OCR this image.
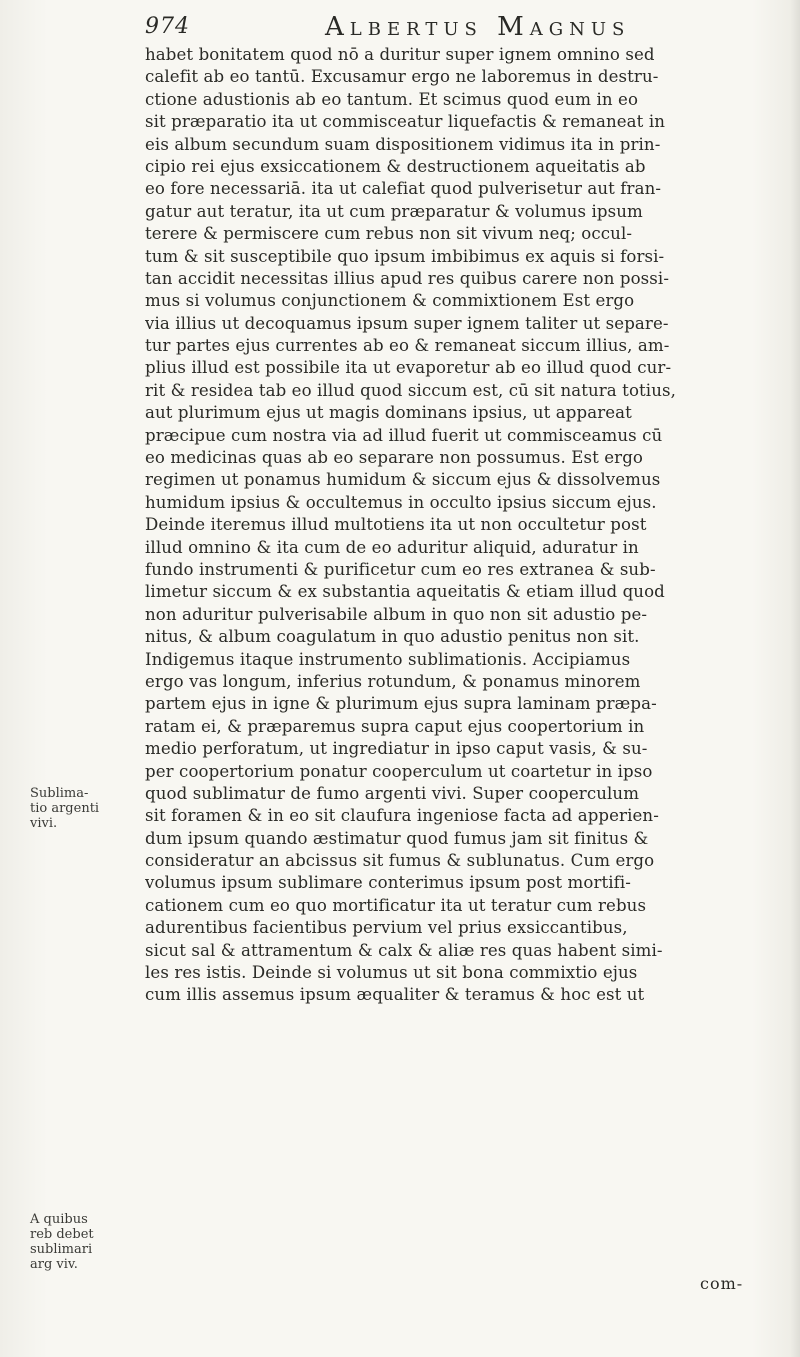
974	Albertus Magnus
habet bonitatem quod nō a duritur super ignem omnino sed
calefit ab eo tantū. Excusamur ergo ne laboremus in destru-
ctione adustionis ab eo tantum. Et scimus quod eum in eo
sit præparatio ita ut commisceatur liquefactis & remaneat in
eis album secundum suam dispositionem vidimus ita in prin-
cipio rei ejus exsiccationem & destructionem aqueitatis ab
eo fore necessariā. ita ut calefiat quod pulverisetur aut fran-
gatur aut teratur, ita ut cum præparatur & volumus ipsum
terere & permiscere cum rebus non sit vivum neq; occul-
tum & sit susceptibile quo ipsum imbibimus ex aquis si forsi-
tan accidit necessitas illius apud res quibus carere non possi-
mus si volumus conjunctionem & commixtionem Est ergo
via illius ut decoquamus ipsum super ignem taliter ut separe-
tur partes ejus currentes ab eo & remaneat siccum illius, am-
plius illud est possibile ita ut evaporetur ab eo illud quod cur-
rit & residea tab eo illud quod siccum est, cū sit natura totius,
aut plurimum ejus ut magis dominans ipsius, ut appareat
præcipue cum nostra via ad illud fuerit ut commisceamus cū
eo medicinas quas ab eo separare non possumus. Est ergo
regimen ut ponamus humidum & siccum ejus & dissolvemus
humidum ipsius & occultemus in occulto ipsius siccum ejus.
Deinde iteremus illud multotiens ita ut non occultetur post
illud omnino & ita cum de eo aduritur aliquid, aduratur in
fundo instrumenti & purificetur cum eo res extranea & sub-
limetur siccum & ex substantia aqueitatis & etiam illud quod
non aduritur pulverisabile album in quo non sit adustio pe-
nitus, & album coagulatum in quo adustio penitus non sit.
Indigemus itaque instrumento sublimationis. Accipiamus
ergo vas longum, inferius rotundum, & ponamus minorem
partem ejus in igne & plurimum ejus supra laminam præpa-
ratam ei, & præparemus supra caput ejus coopertorium in
medio perforatum, ut ingrediatur in ipso caput vasis, & su-
per coopertorium ponatur cooperculum ut coartetur in ipso
quod sublimatur de fumo argenti vivi. Super cooperculum
sit foramen & in eo sit claufura ingeniose facta ad apperien-
dum ipsum quando æstimatur quod fumus jam sit finitus &
consideratur an abcissus sit fumus & sublunatus. Cum ergo
volumus ipsum sublimare conterimus ipsum post mortifi-
cationem cum eo quo mortificatur ita ut teratur cum rebus
adurentibus facientibus pervium vel prius exsiccantibus,
sicut sal & attramentum & calx & aliæ res quas habent simi-
les res istis. Deinde si volumus ut sit bona commixtio ejus
cum illis assemus ipsum æqualiter & teramus & hoc est ut
Sublima-
tio argenti
vivi.
A quibus
reb debet
sublimari
arg viv.
com-
